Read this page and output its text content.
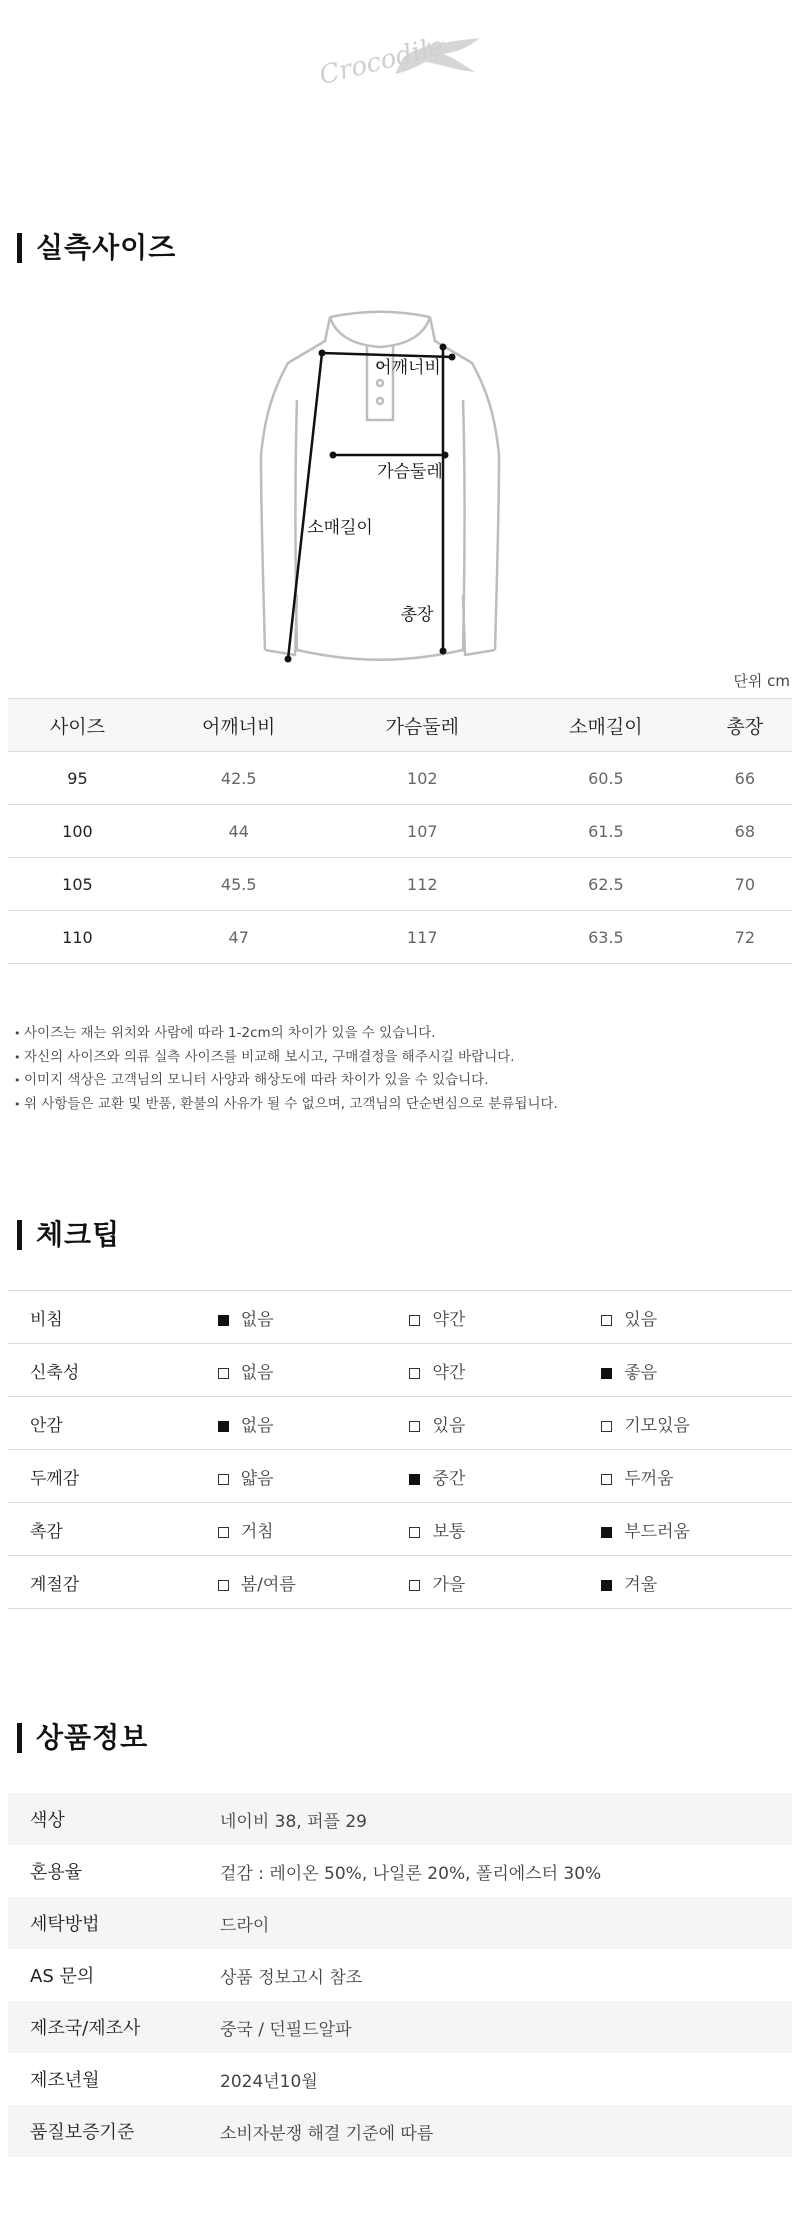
Crocodile
실측사이즈
어깨너비
가슴둘레
소매길이
총장
단위 cm
사이즈	어깨너비	가슴둘레	소매길이	총장
95	42.5	102	60.5	66
100	44	107	61.5	68
105	45.5	112	62.5	70
110	47	117	63.5	72
• 사이즈는 재는 위치와 사람에 따라 1-2cm의 차이가 있을 수 있습니다.
• 자신의 사이즈와 의류 실측 사이즈를 비교해 보시고, 구매결정을 해주시길 바랍니다.
• 이미지 색상은 고객님의 모니터 사양과 해상도에 따라 차이가 있을 수 있습니다.
• 위 사항들은 교환 및 반품, 환불의 사유가 될 수 없으며, 고객님의 단순변심으로 분류됩니다.
체크팁
비침	없음	약간	있음
신축성	없음	약간	좋음
안감	없음	있음	기모있음
두께감	얇음	중간	두꺼움
촉감	거침	보통	부드러움
계절감	봄/여름	가을	겨울
상품정보
색상	네이비 38, 퍼플 29
혼용율	겉감 : 레이온 50%, 나일론 20%, 폴리에스터 30%
세탁방법	드라이
AS 문의	상품 정보고시 참조
제조국/제조사	중국 / 던필드알파
제조년월	2024년10월
품질보증기준	소비자분쟁 해결 기준에 따름
